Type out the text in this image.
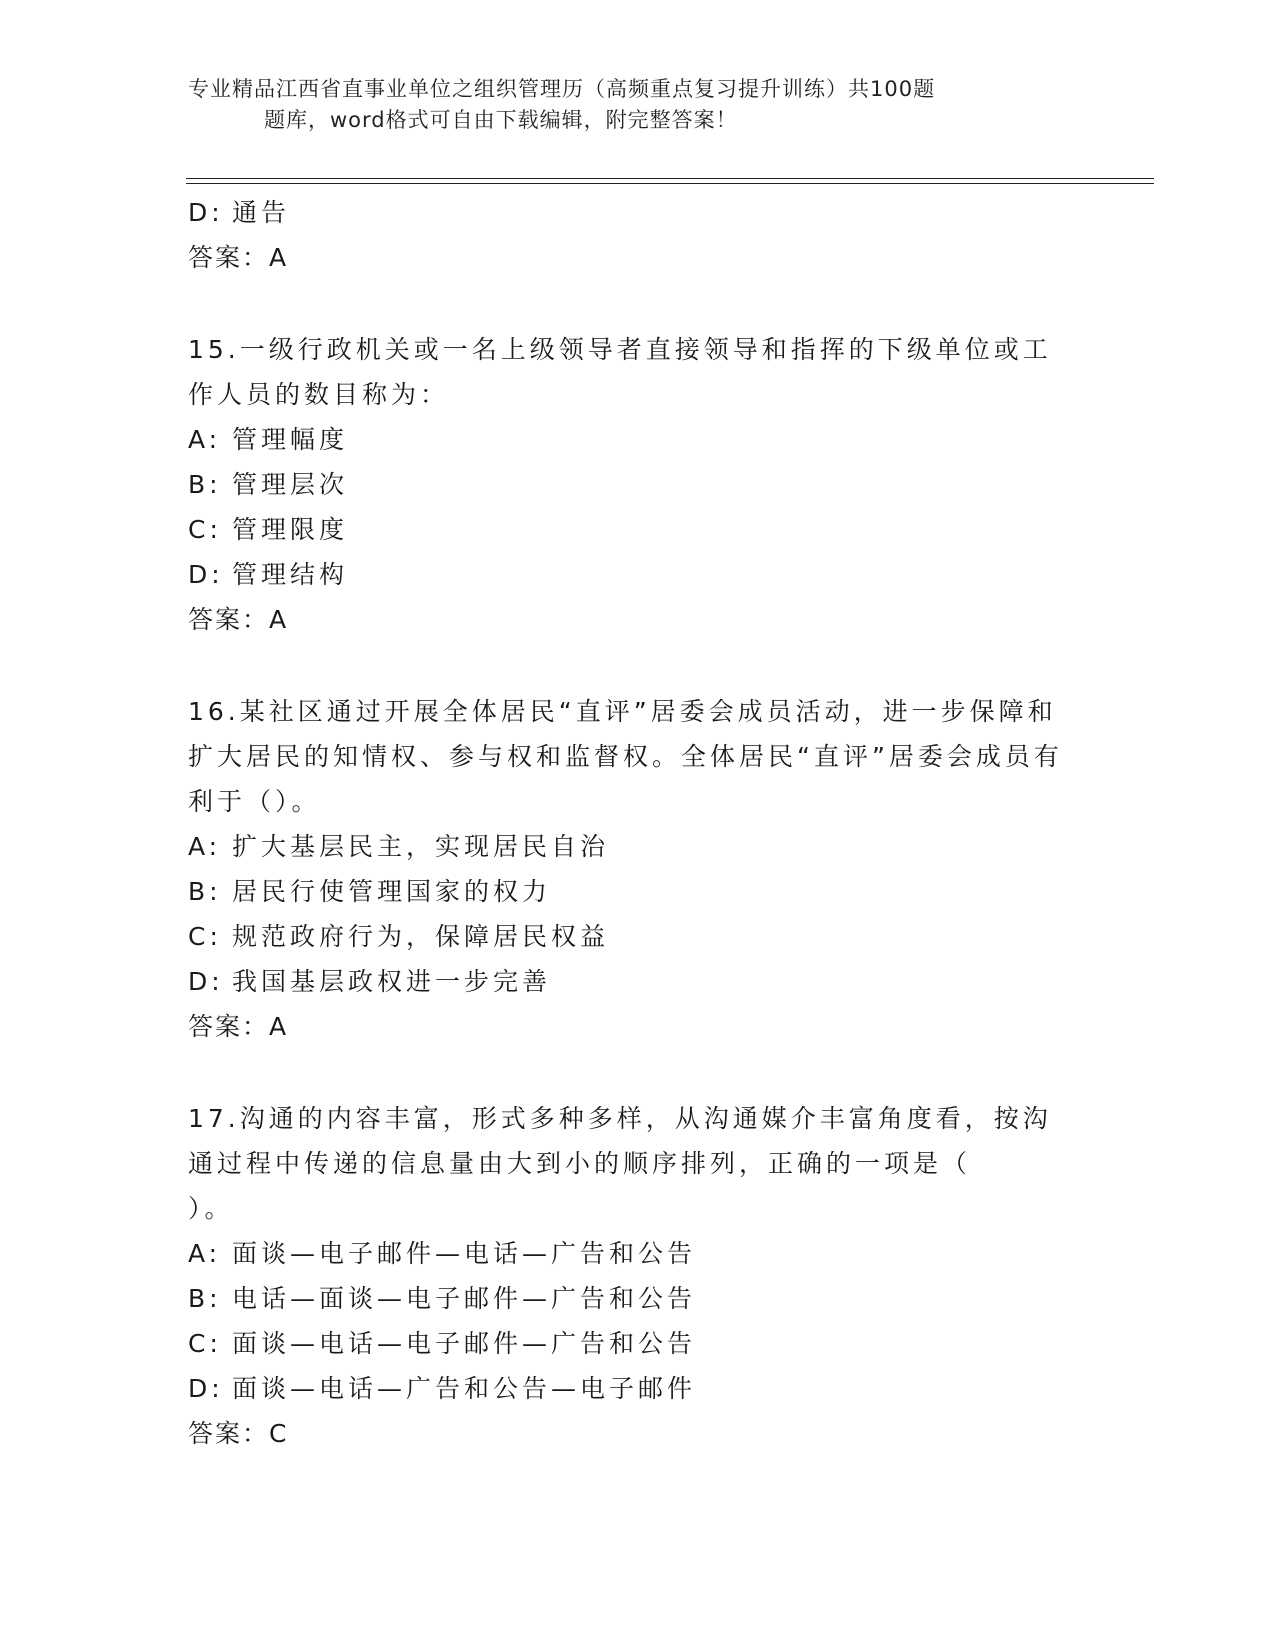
专业精品江西省直事业单位之组织管理历（高频重点复习提升训练）共100题
题库，word格式可自由下载编辑，附完整答案！
D: 通告
答案：A
15.一级行政机关或一名上级领导者直接领导和指挥的下级单位或工作人员的数目称为：
A: 管理幅度
B: 管理层次
C: 管理限度
D: 管理结构
答案：A
16.某社区通过开展全体居民“直评”居委会成员活动，进一步保障和扩大居民的知情权、参与权和监督权。全体居民“直评”居委会成员有利于（）。
A: 扩大基层民主，实现居民自治
B: 居民行使管理国家的权力
C: 规范政府行为，保障居民权益
D: 我国基层政权进一步完善
答案：A
17.沟通的内容丰富，形式多种多样，从沟通媒介丰富角度看，按沟通过程中传递的信息量由大到小的顺序排列，正确的一项是（　　）。
A: 面谈—电子邮件—电话—广告和公告
B: 电话—面谈—电子邮件—广告和公告
C: 面谈—电话—电子邮件—广告和公告
D: 面谈—电话—广告和公告—电子邮件
答案：C
